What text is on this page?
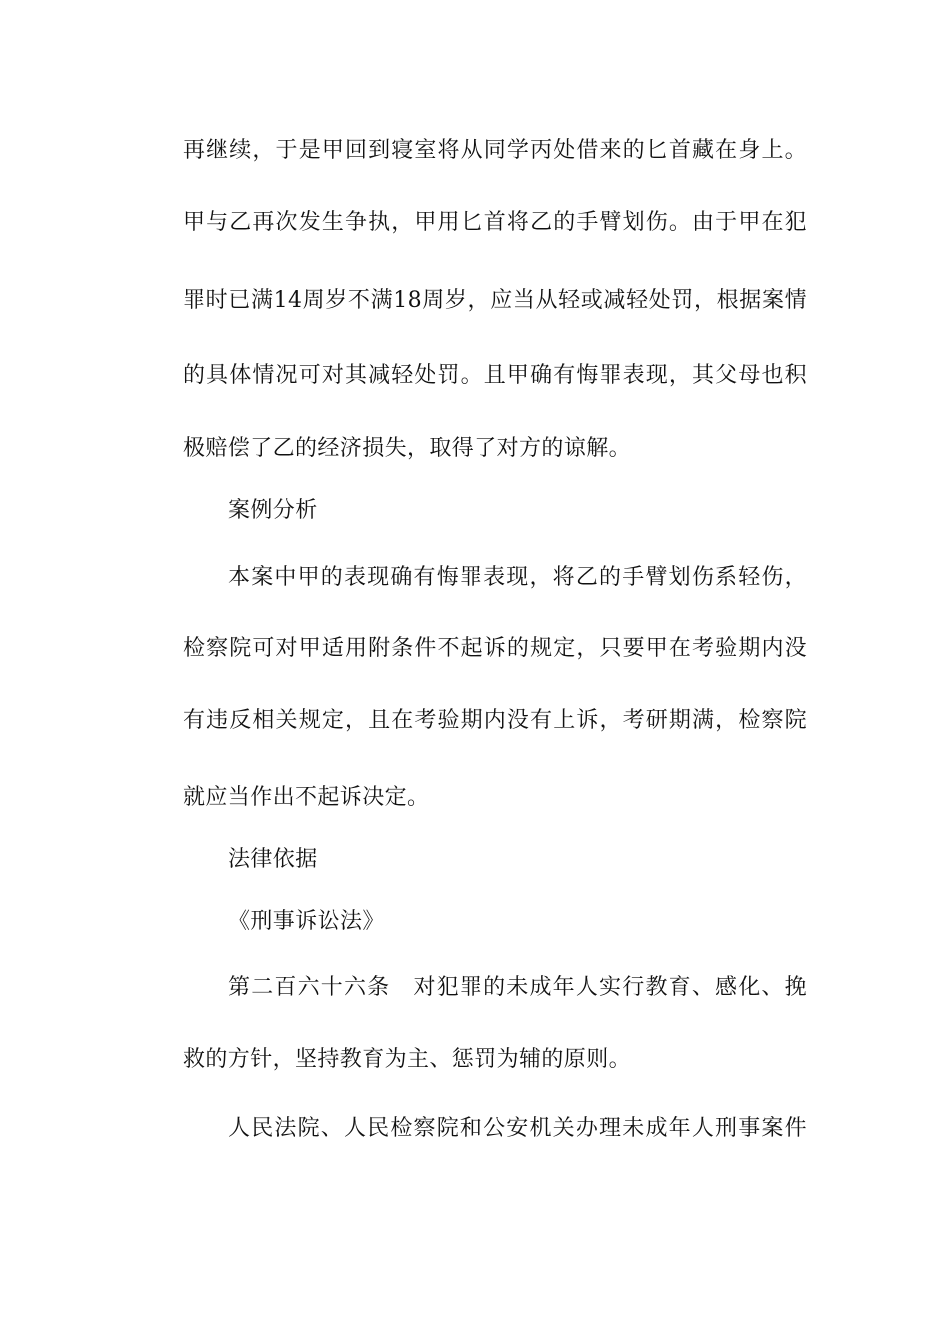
再继续，于是甲回到寝室将从同学丙处借来的匕首藏在身上。
甲与乙再次发生争执，甲用匕首将乙的手臂划伤。由于甲在犯
罪时已满14周岁不满18周岁，应当从轻或减轻处罚，根据案情
的具体情况可对其减轻处罚。且甲确有悔罪表现，其父母也积
极赔偿了乙的经济损失，取得了对方的谅解。
案例分析
本案中甲的表现确有悔罪表现，将乙的手臂划伤系轻伤，
检察院可对甲适用附条件不起诉的规定，只要甲在考验期内没
有违反相关规定，且在考验期内没有上诉，考研期满，检察院
就应当作出不起诉决定。
法律依据
《刑事诉讼法》
第二百六十六条　对犯罪的未成年人实行教育、感化、挽
救的方针，坚持教育为主、惩罚为辅的原则。
人民法院、人民检察院和公安机关办理未成年人刑事案件
